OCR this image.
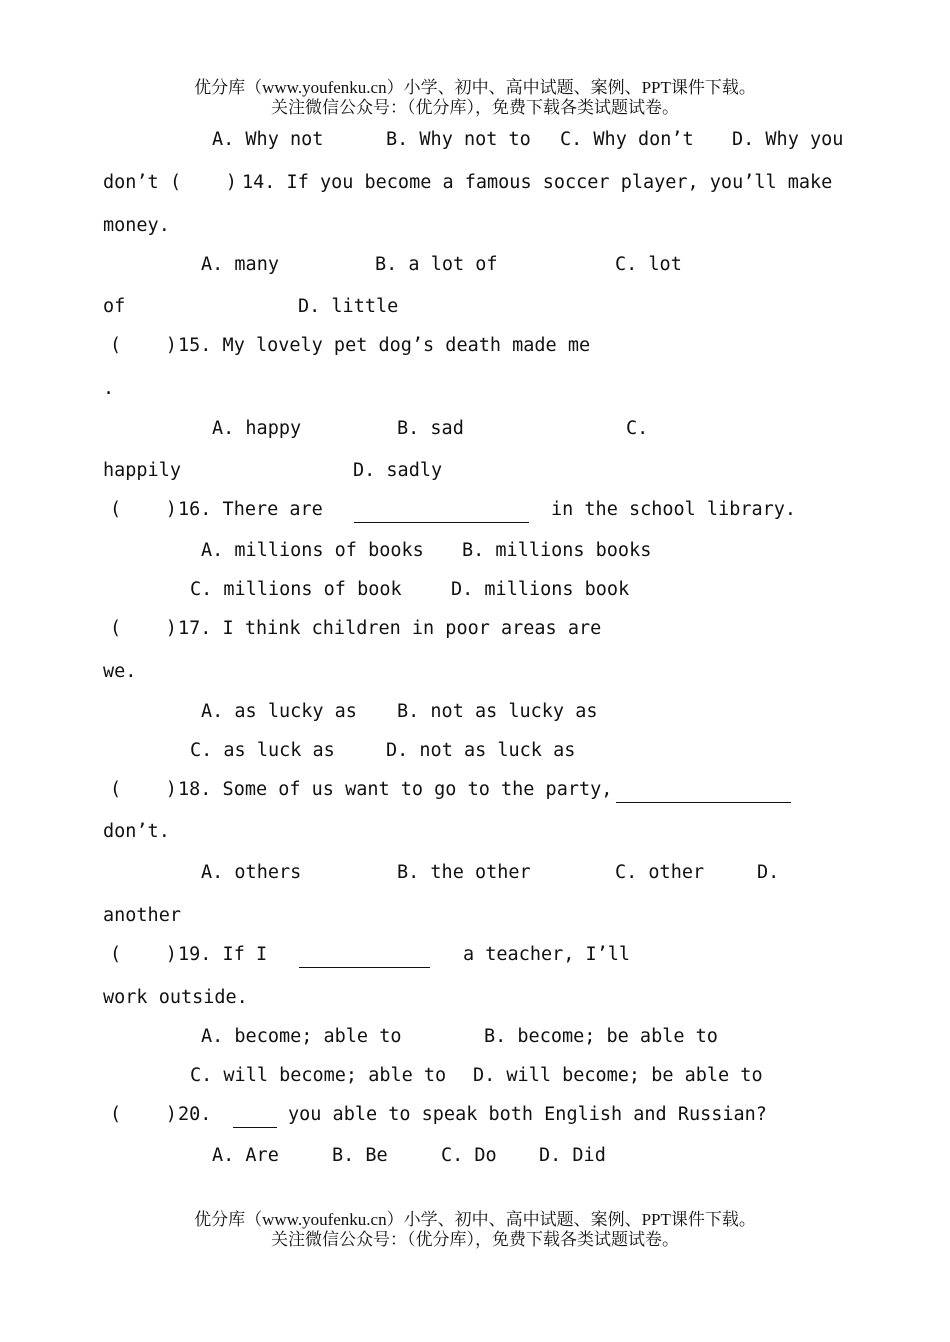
优分库（www.youfenku.cn）小学、初中、高中试题、案例、PPT课件下载。
关注微信公众号：（优分库），免费下载各类试题试卷。
A. Why not	B. Why not to C. Why don’t D. Why you
don’t (    ) 14. If you become a famous soccer player, you’ll make
money.
A. many	B. a lot of	C. lot
of	D. little
(    ) 15. My lovely pet dog’s death made me
.
A. happy	B. sad	C.
happily	D. sadly
(    ) 16. There are	in the school library.
A. millions of books B. millions books
C. millions of book	D. millions book
(    ) 17. I think children in poor areas are
we.
A. as lucky as B. not as lucky as
C. as luck as	D. not as luck as
(    ) 18. Some of us want to go to the party,
don’t.
A. others	B. the other	C. other	D.
another
(    ) 19. If I	a teacher, I’ll
work outside.
A. become; able to	B. become; be able to
C. will become; able to D. will become; be able to
(    ) 20.	you able to speak both English and Russian?
A. Are	B. Be	C. Do D. Did
优分库（www.youfenku.cn）小学、初中、高中试题、案例、PPT课件下载。
关注微信公众号：（优分库），免费下载各类试题试卷。
